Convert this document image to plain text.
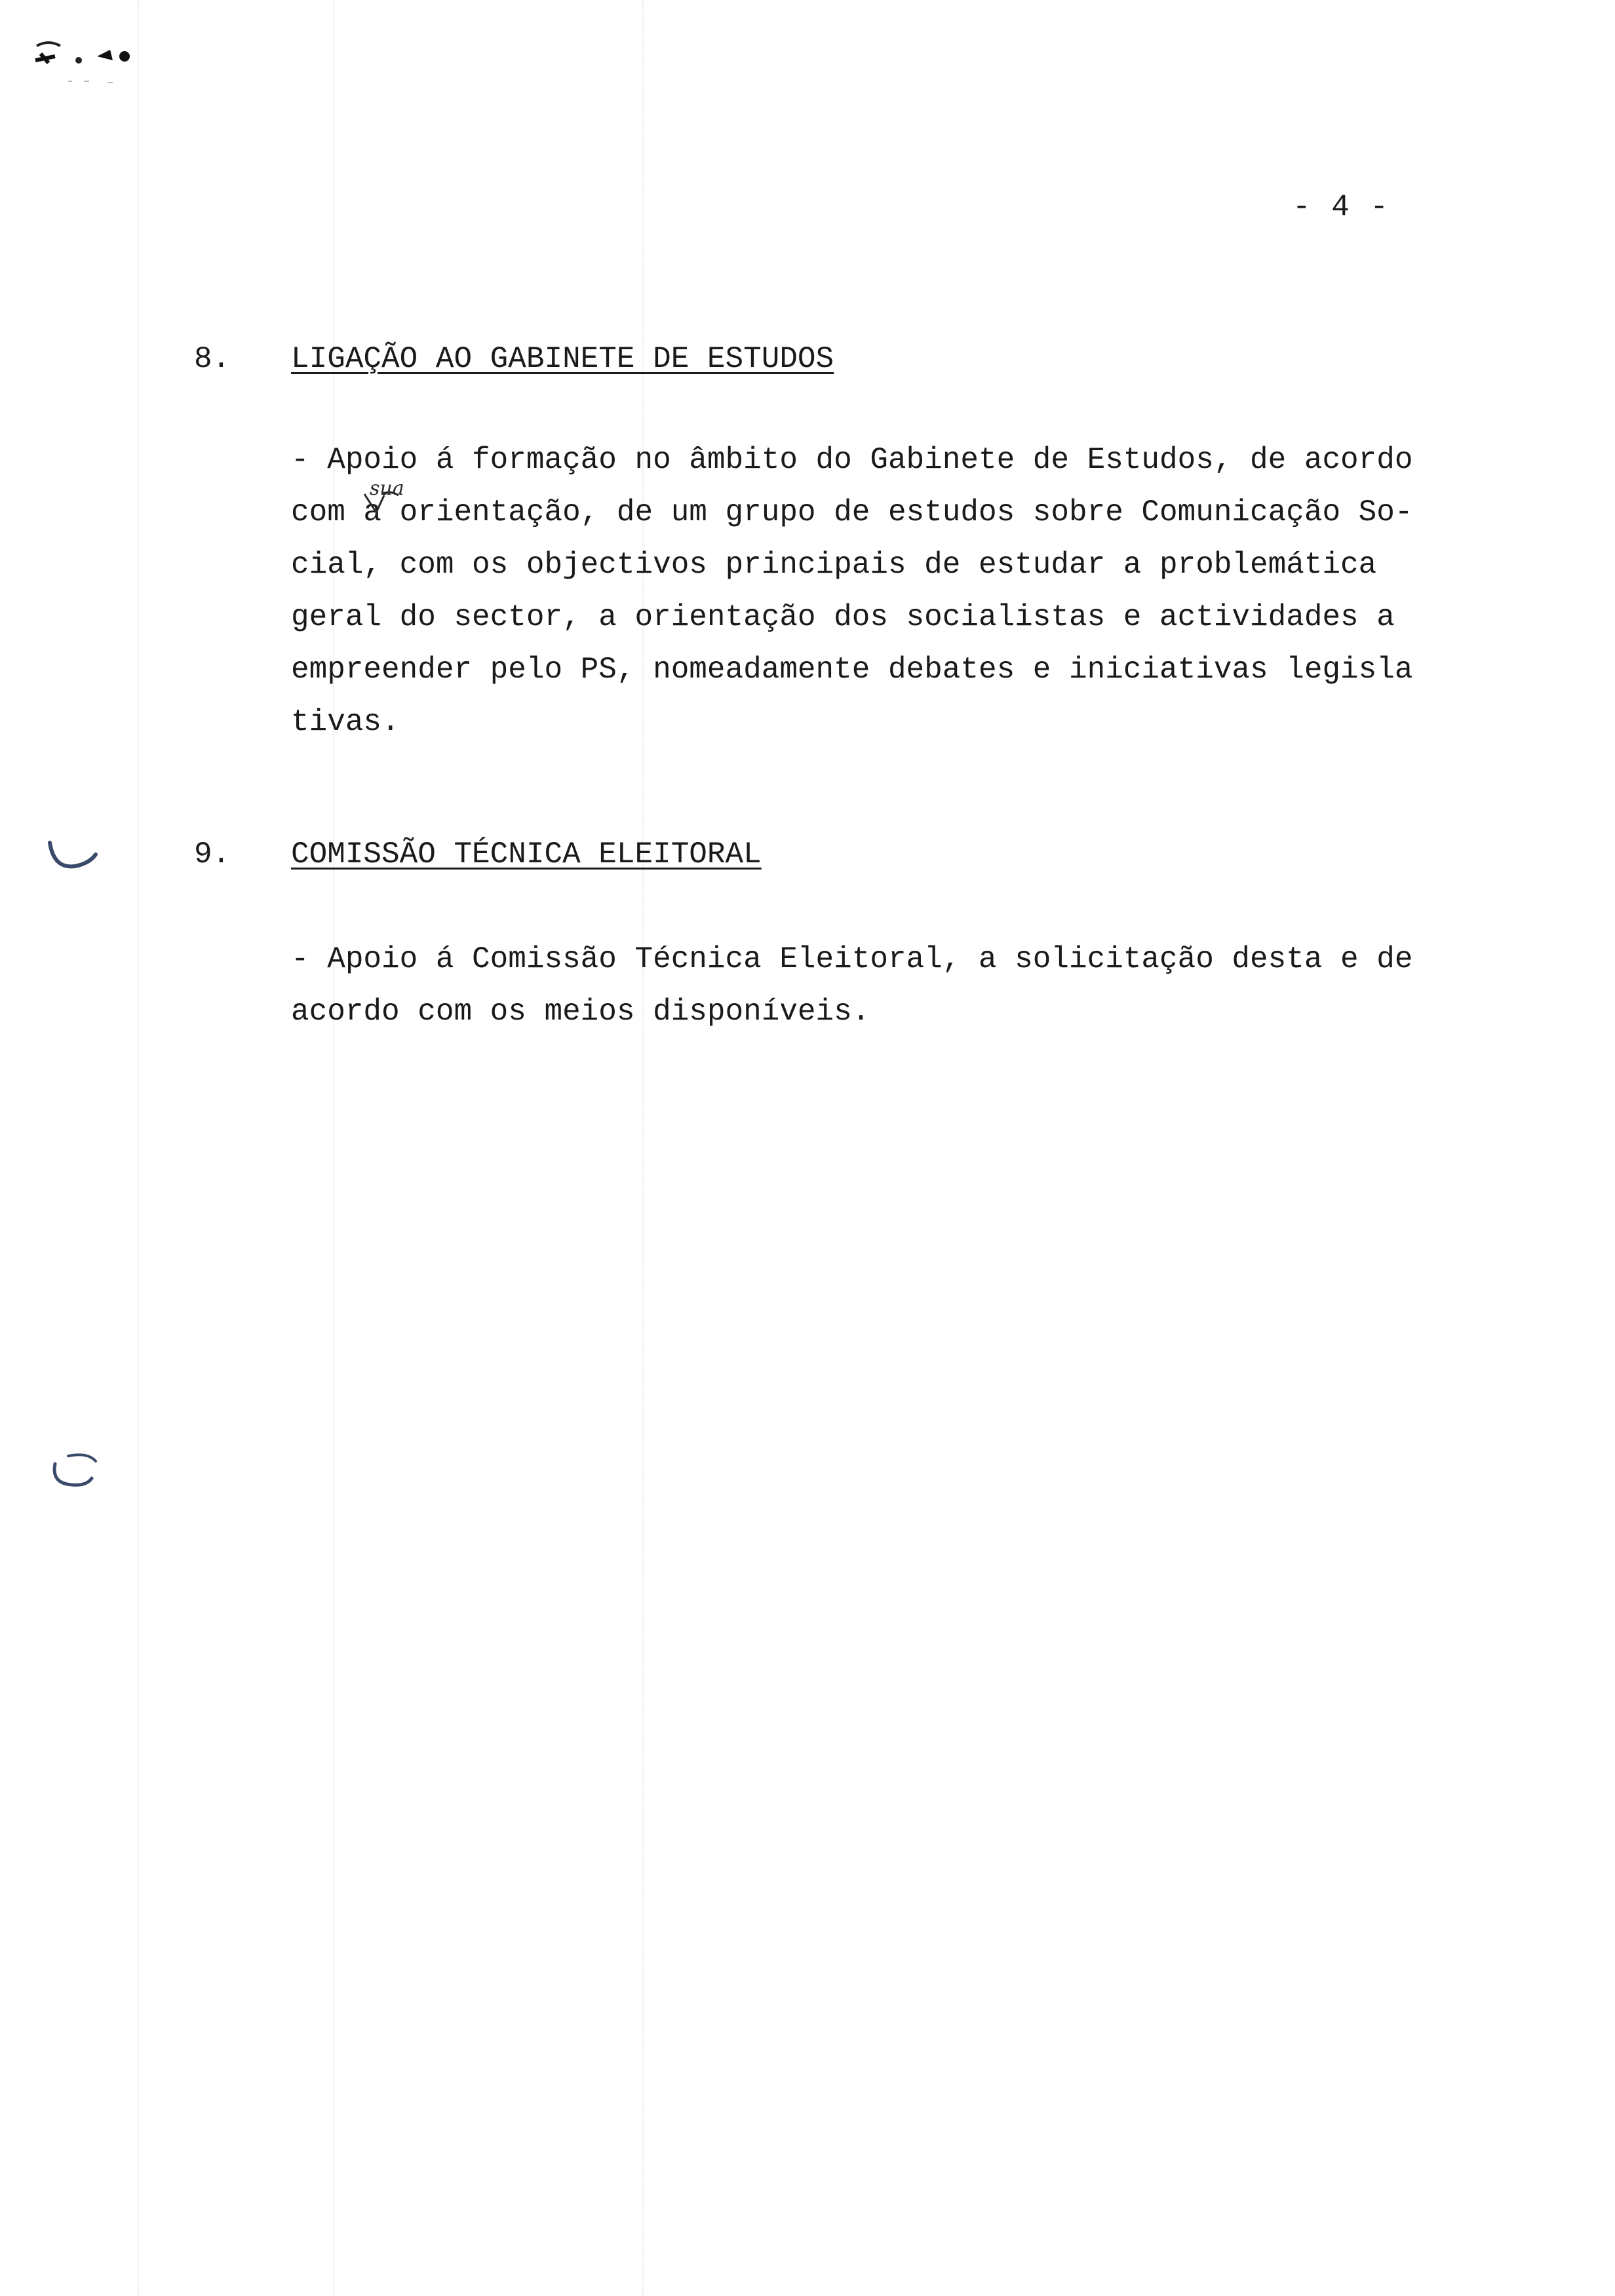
- 4 -
8. LIGAÇÃO AO GABINETE DE ESTUDOS
- Apoio á formação no âmbito do Gabinete de Estudos, de acordo
com a orientação, de um grupo de estudos sobre Comunicação So-
cial, com os objectivos principais de estudar a problemática
geral do sector, a orientação dos socialistas e actividades a
empreender pelo PS, nomeadamente debates e iniciativas legisla
tivas.
sua
9. COMISSÃO TÉCNICA ELEITORAL
- Apoio á Comissão Técnica Eleitoral, a solicitação desta e de
acordo com os meios disponíveis.
